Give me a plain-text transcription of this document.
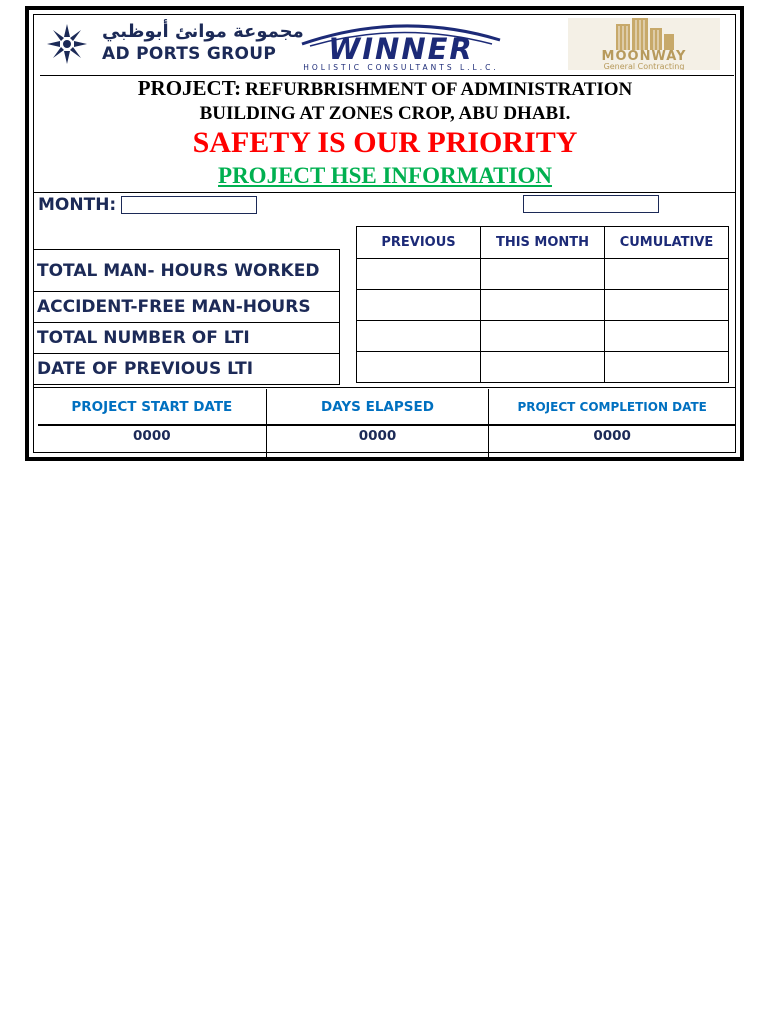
مجموعة موانئ أبوظبي
AD PORTS GROUP	WINNER
HOLISTIC CONSULTANTS L.L.C.
MOONWAY
General Contracting
PROJECT: REFURBRISHMENT OF ADMINISTRATION
BUILDING AT ZONES CROP, ABU DHABI.
SAFETY IS OUR PRIORITY
PROJECT HSE INFORMATION
MONTH:
PREVIOUS	THIS MONTH	CUMULATIVE

TOTAL MAN- HOURS WORKED
ACCIDENT-FREE MAN-HOURS
TOTAL NUMBER OF LTI
DATE OF PREVIOUS LTI
PROJECT START DATE	DAYS ELAPSED	PROJECT COMPLETION DATE
0000	0000	0000
